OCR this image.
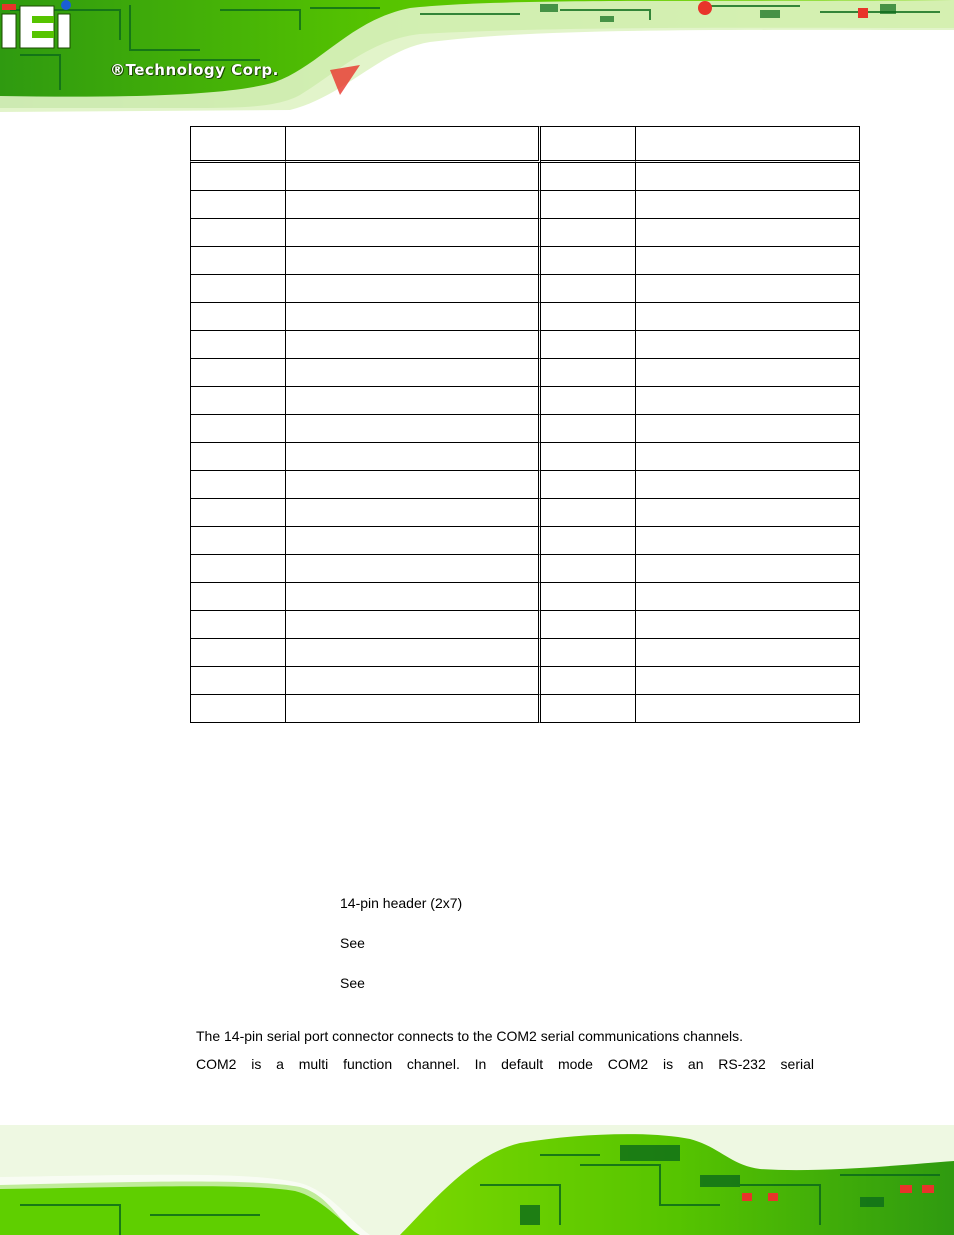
®Technology Corp.

14-pin header (2x7)
See
See
The 14-pin serial port connector connects to the COM2 serial communications channels.
COM2 is a multi function channel. In default mode COM2 is an RS-232 serial
